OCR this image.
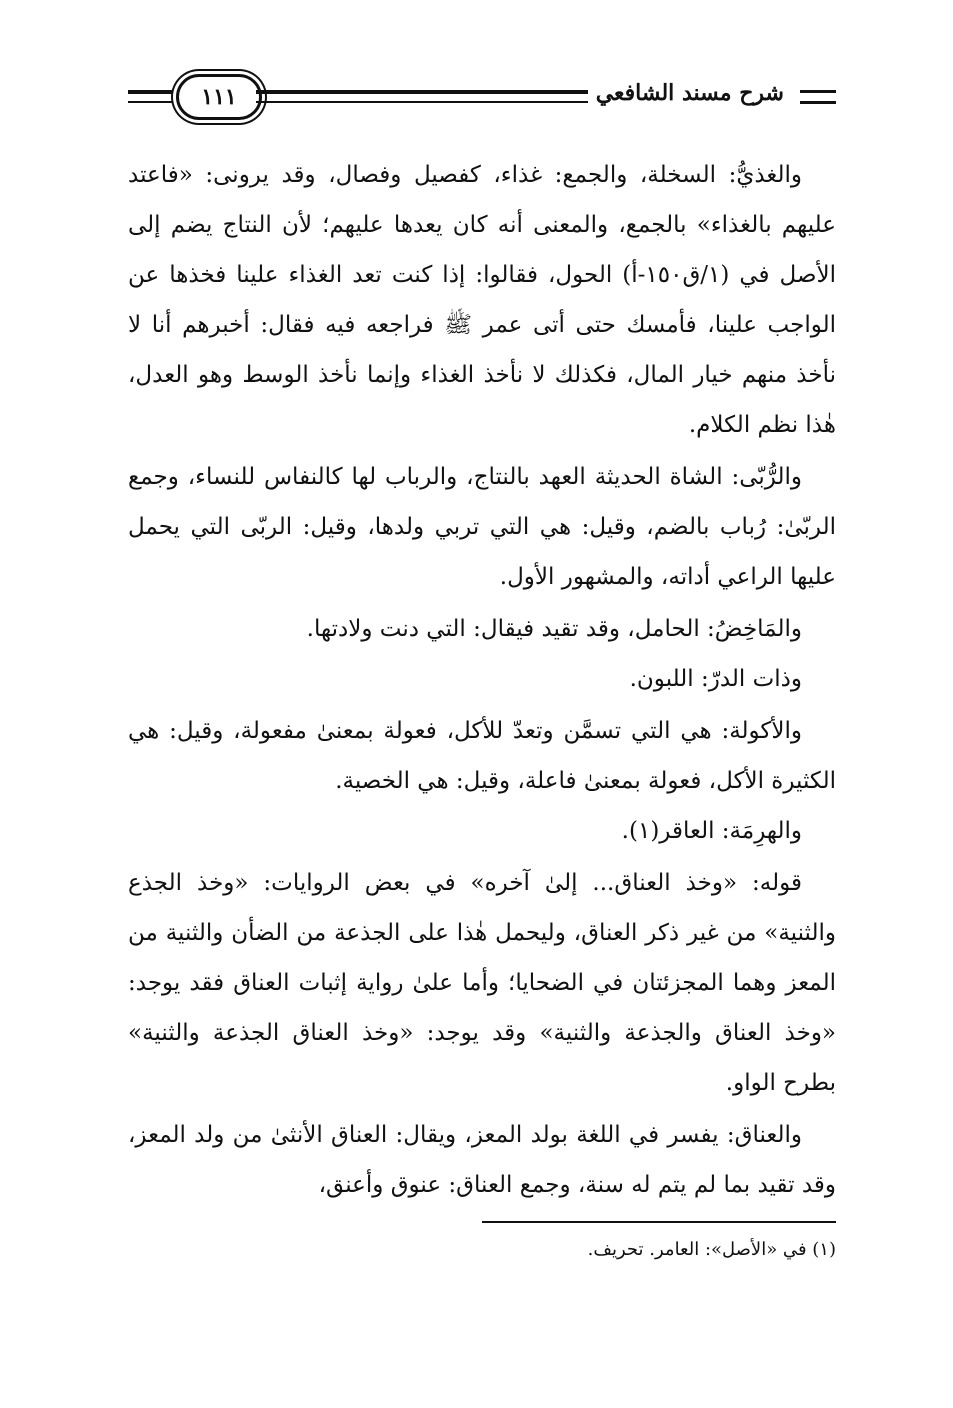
١١١	شرح مسند الشافعي

والغذيُّ: السخلة، والجمع: غذاء، كفصيل وفصال، وقد يرونى: «فاعتد عليهم بالغذاء» بالجمع، والمعنى أنه كان يعدها عليهم؛ لأن النتاج يضم إلى الأصل في (١/ق١٥٠-أ) الحول، فقالوا: إذا كنت تعد الغذاء علينا فخذها عن الواجب علينا، فأمسك حتى أتى عمر ﷺ فراجعه فيه فقال: أخبرهم أنا لا نأخذ منهم خيار المال، فكذلك لا نأخذ الغذاء وإنما نأخذ الوسط وهو العدل، هٰذا نظم الكلام.

والرُّبّى: الشاة الحديثة العهد بالنتاج، والرباب لها كالنفاس للنساء، وجمع الربّىٰ: رُباب بالضم، وقيل: هي التي تربي ولدها، وقيل: الربّى التي يحمل عليها الراعي أداته، والمشهور الأول.

والمَاخِضُ: الحامل، وقد تقيد فيقال: التي دنت ولادتها.

وذات الدرّ: اللبون.

والأكولة: هي التي تسمَّن وتعدّ للأكل، فعولة بمعنىٰ مفعولة، وقيل: هي الكثيرة الأكل، فعولة بمعنىٰ فاعلة، وقيل: هي الخصية.

والهرِمَة: العاقر(١).

قوله: «وخذ العناق... إلىٰ آخره» في بعض الروايات: «وخذ الجذع والثنية» من غير ذكر العناق، وليحمل هٰذا على الجذعة من الضأن والثنية من المعز وهما المجزئتان في الضحايا؛ وأما علىٰ رواية إثبات العناق فقد يوجد: «وخذ العناق والجذعة والثنية» وقد يوجد: «وخذ العناق الجذعة والثنية» بطرح الواو.

والعناق: يفسر في اللغة بولد المعز، ويقال: العناق الأنثىٰ من ولد المعز، وقد تقيد بما لم يتم له سنة، وجمع العناق: عنوق وأعنق،

(١) في «الأصل»: العامر. تحريف.
